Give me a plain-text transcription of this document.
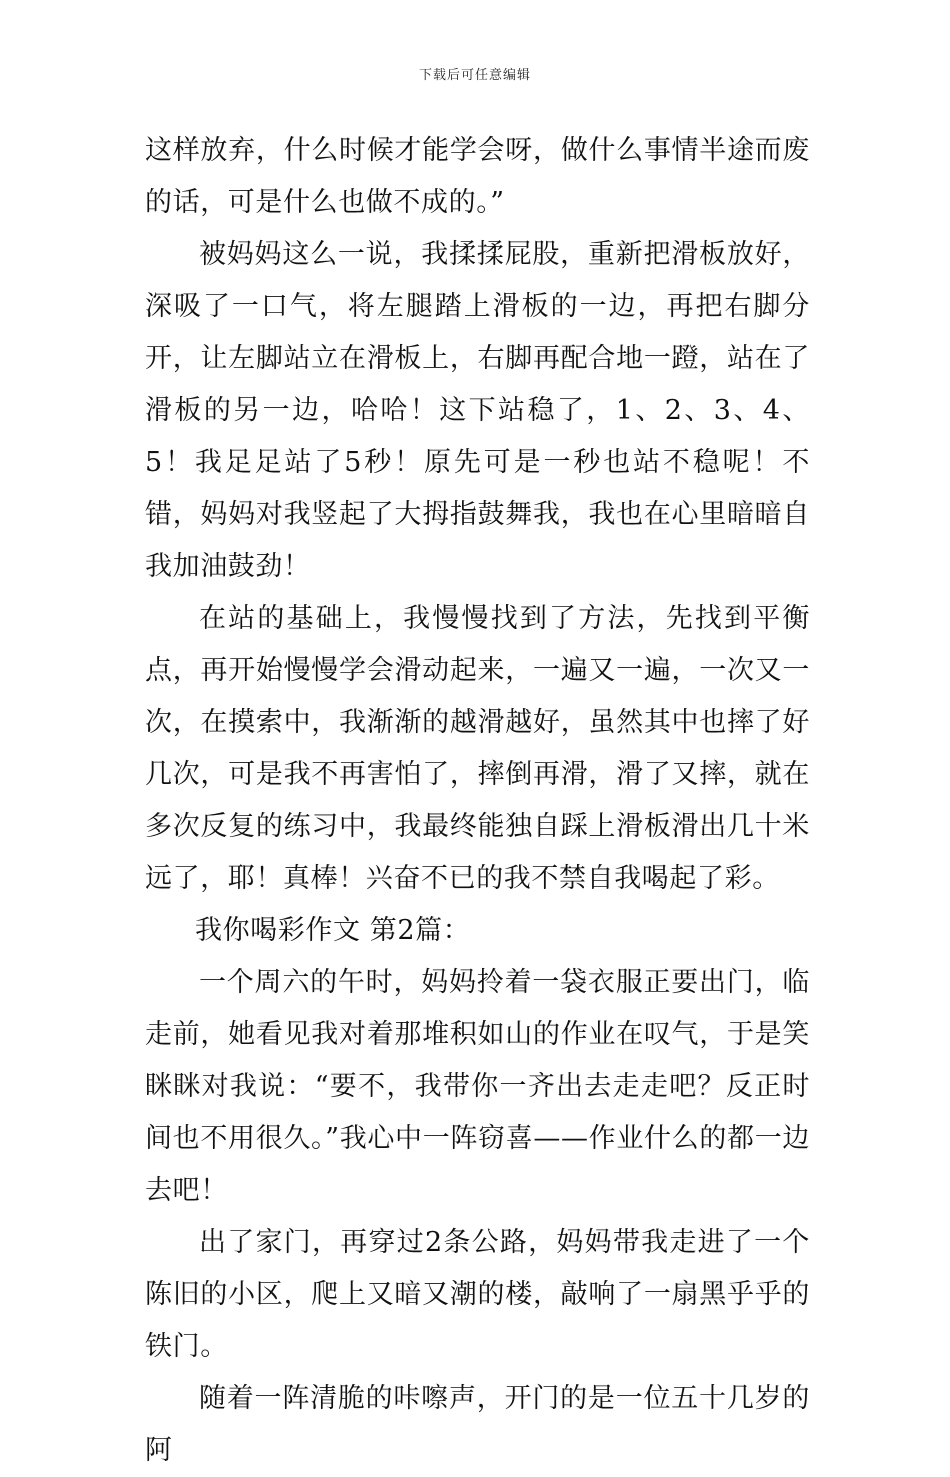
下载后可任意编辑

这样放弃，什么时候才能学会呀，做什么事情半途而废的话，可是什么也做不成的。”

被妈妈这么一说，我揉揉屁股，重新把滑板放好，深吸了一口气，将左腿踏上滑板的一边，再把右脚分开，让左脚站立在滑板上，右脚再配合地一蹬，站在了滑板的另一边，哈哈！这下站稳了，1、2、3、4、5！我足足站了5秒！原先可是一秒也站不稳呢！不错，妈妈对我竖起了大拇指鼓舞我，我也在心里暗暗自我加油鼓劲！

在站的基础上，我慢慢找到了方法，先找到平衡点，再开始慢慢学会滑动起来，一遍又一遍，一次又一次，在摸索中，我渐渐的越滑越好，虽然其中也摔了好几次，可是我不再害怕了，摔倒再滑，滑了又摔，就在多次反复的练习中，我最终能独自踩上滑板滑出几十米远了，耶！真棒！兴奋不已的我不禁自我喝起了彩。

我你喝彩作文 第2篇：

一个周六的午时，妈妈拎着一袋衣服正要出门，临走前，她看见我对着那堆积如山的作业在叹气，于是笑眯眯对我说：“要不，我带你一齐出去走走吧？反正时间也不用很久。”我心中一阵窃喜——作业什么的都一边去吧！

出了家门，再穿过2条公路，妈妈带我走进了一个陈旧的小区，爬上又暗又潮的楼，敲响了一扇黑乎乎的铁门。

随着一阵清脆的咔嚓声，开门的是一位五十几岁的阿
